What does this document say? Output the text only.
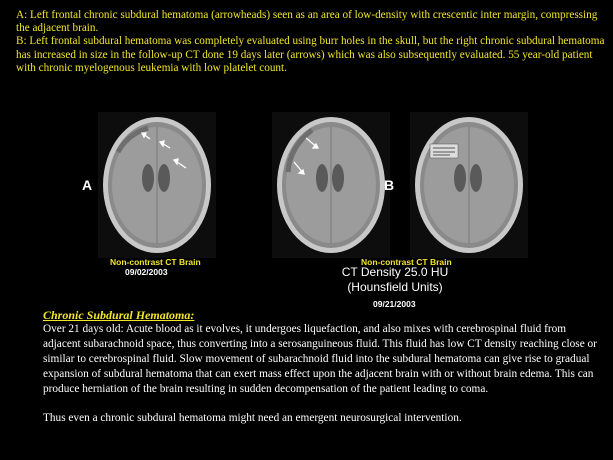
A: Left frontal chronic subdural hematoma (arrowheads) seen as an area of low-density with crescentic inter margin, compressing the adjacent brain.

B: Left frontal subdural hematoma was completely evaluated using burr holes in the skull, but the right chronic subdural hematoma has increased in size in the follow-up CT done 19 days later (arrows) which was also subsequently evaluated. 55 year-old patient with chronic myelogenous leukemia with low platelet count.

A	B
Non-contrast CT Brain
09/02/2003
Non-contrast CT Brain
CT Density 25.0 HU
(Hounsfield Units)
09/21/2003
Chronic Subdural Hematoma:

Over 21 days old: Acute blood as it evolves, it undergoes liquefaction, and also mixes with cerebrospinal fluid from adjacent subarachnoid space, thus converting into a serosanguineous fluid. This fluid has low CT density reaching close or similar to cerebrospinal fluid. Slow movement of subarachnoid fluid into the subdural hematoma can give rise to gradual expansion of subdural hematoma that can exert mass effect upon the adjacent brain with or without brain edema. This can produce herniation of the brain resulting in sudden decompensation of the patient leading to coma.

Thus even a chronic subdural hematoma might need an emergent neurosurgical intervention.
